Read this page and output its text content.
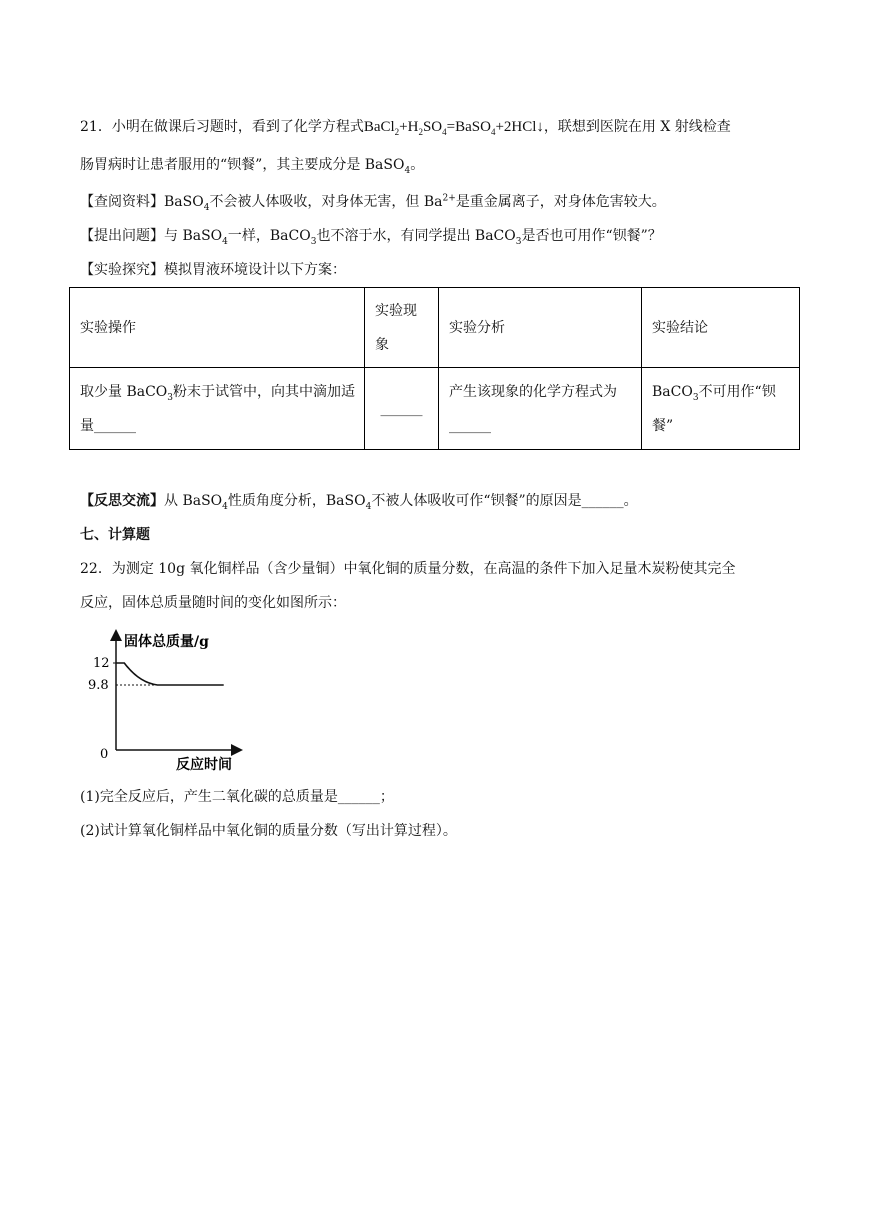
21．小明在做课后习题时，看到了化学方程式$BaCl_2+H_2SO_4=BaSO_4+2HCl↓$，联想到医院在用 X 射线检查
肠胃病时让患者服用的“钡餐”，其主要成分是 BaSO$_4$。
【查阅资料】BaSO$_4$不会被人体吸收，对身体无害，但 $Ba^{2+}$是重金属离子，对身体危害较大。
【提出问题】与 BaSO$_4$一样，BaCO$_3$也不溶于水，有同学提出 BaCO$_3$是否也可用作“钡餐”？
【实验探究】模拟胃液环境设计以下方案：
实验操作	实验现象	实验分析	实验结论
取少量 BaCO$_3$粉末于试管中，向其中滴加适量______	______	产生该现象的化学方程式为
______	BaCO$_3$不可用作“钡餐”
【反思交流】从 BaSO$_4$性质角度分析，BaSO$_4$不被人体吸收可作“钡餐”的原因是______。
七、计算题
22．为测定 10g 氧化铜样品（含少量铜）中氧化铜的质量分数，在高温的条件下加入足量木炭粉使其完全
反应，固体总质量随时间的变化如图所示：
固体总质量/g
反应时间
12
9.8
0
(1)完全反应后，产生二氧化碳的总质量是______；
(2)试计算氧化铜样品中氧化铜的质量分数（写出计算过程）。
